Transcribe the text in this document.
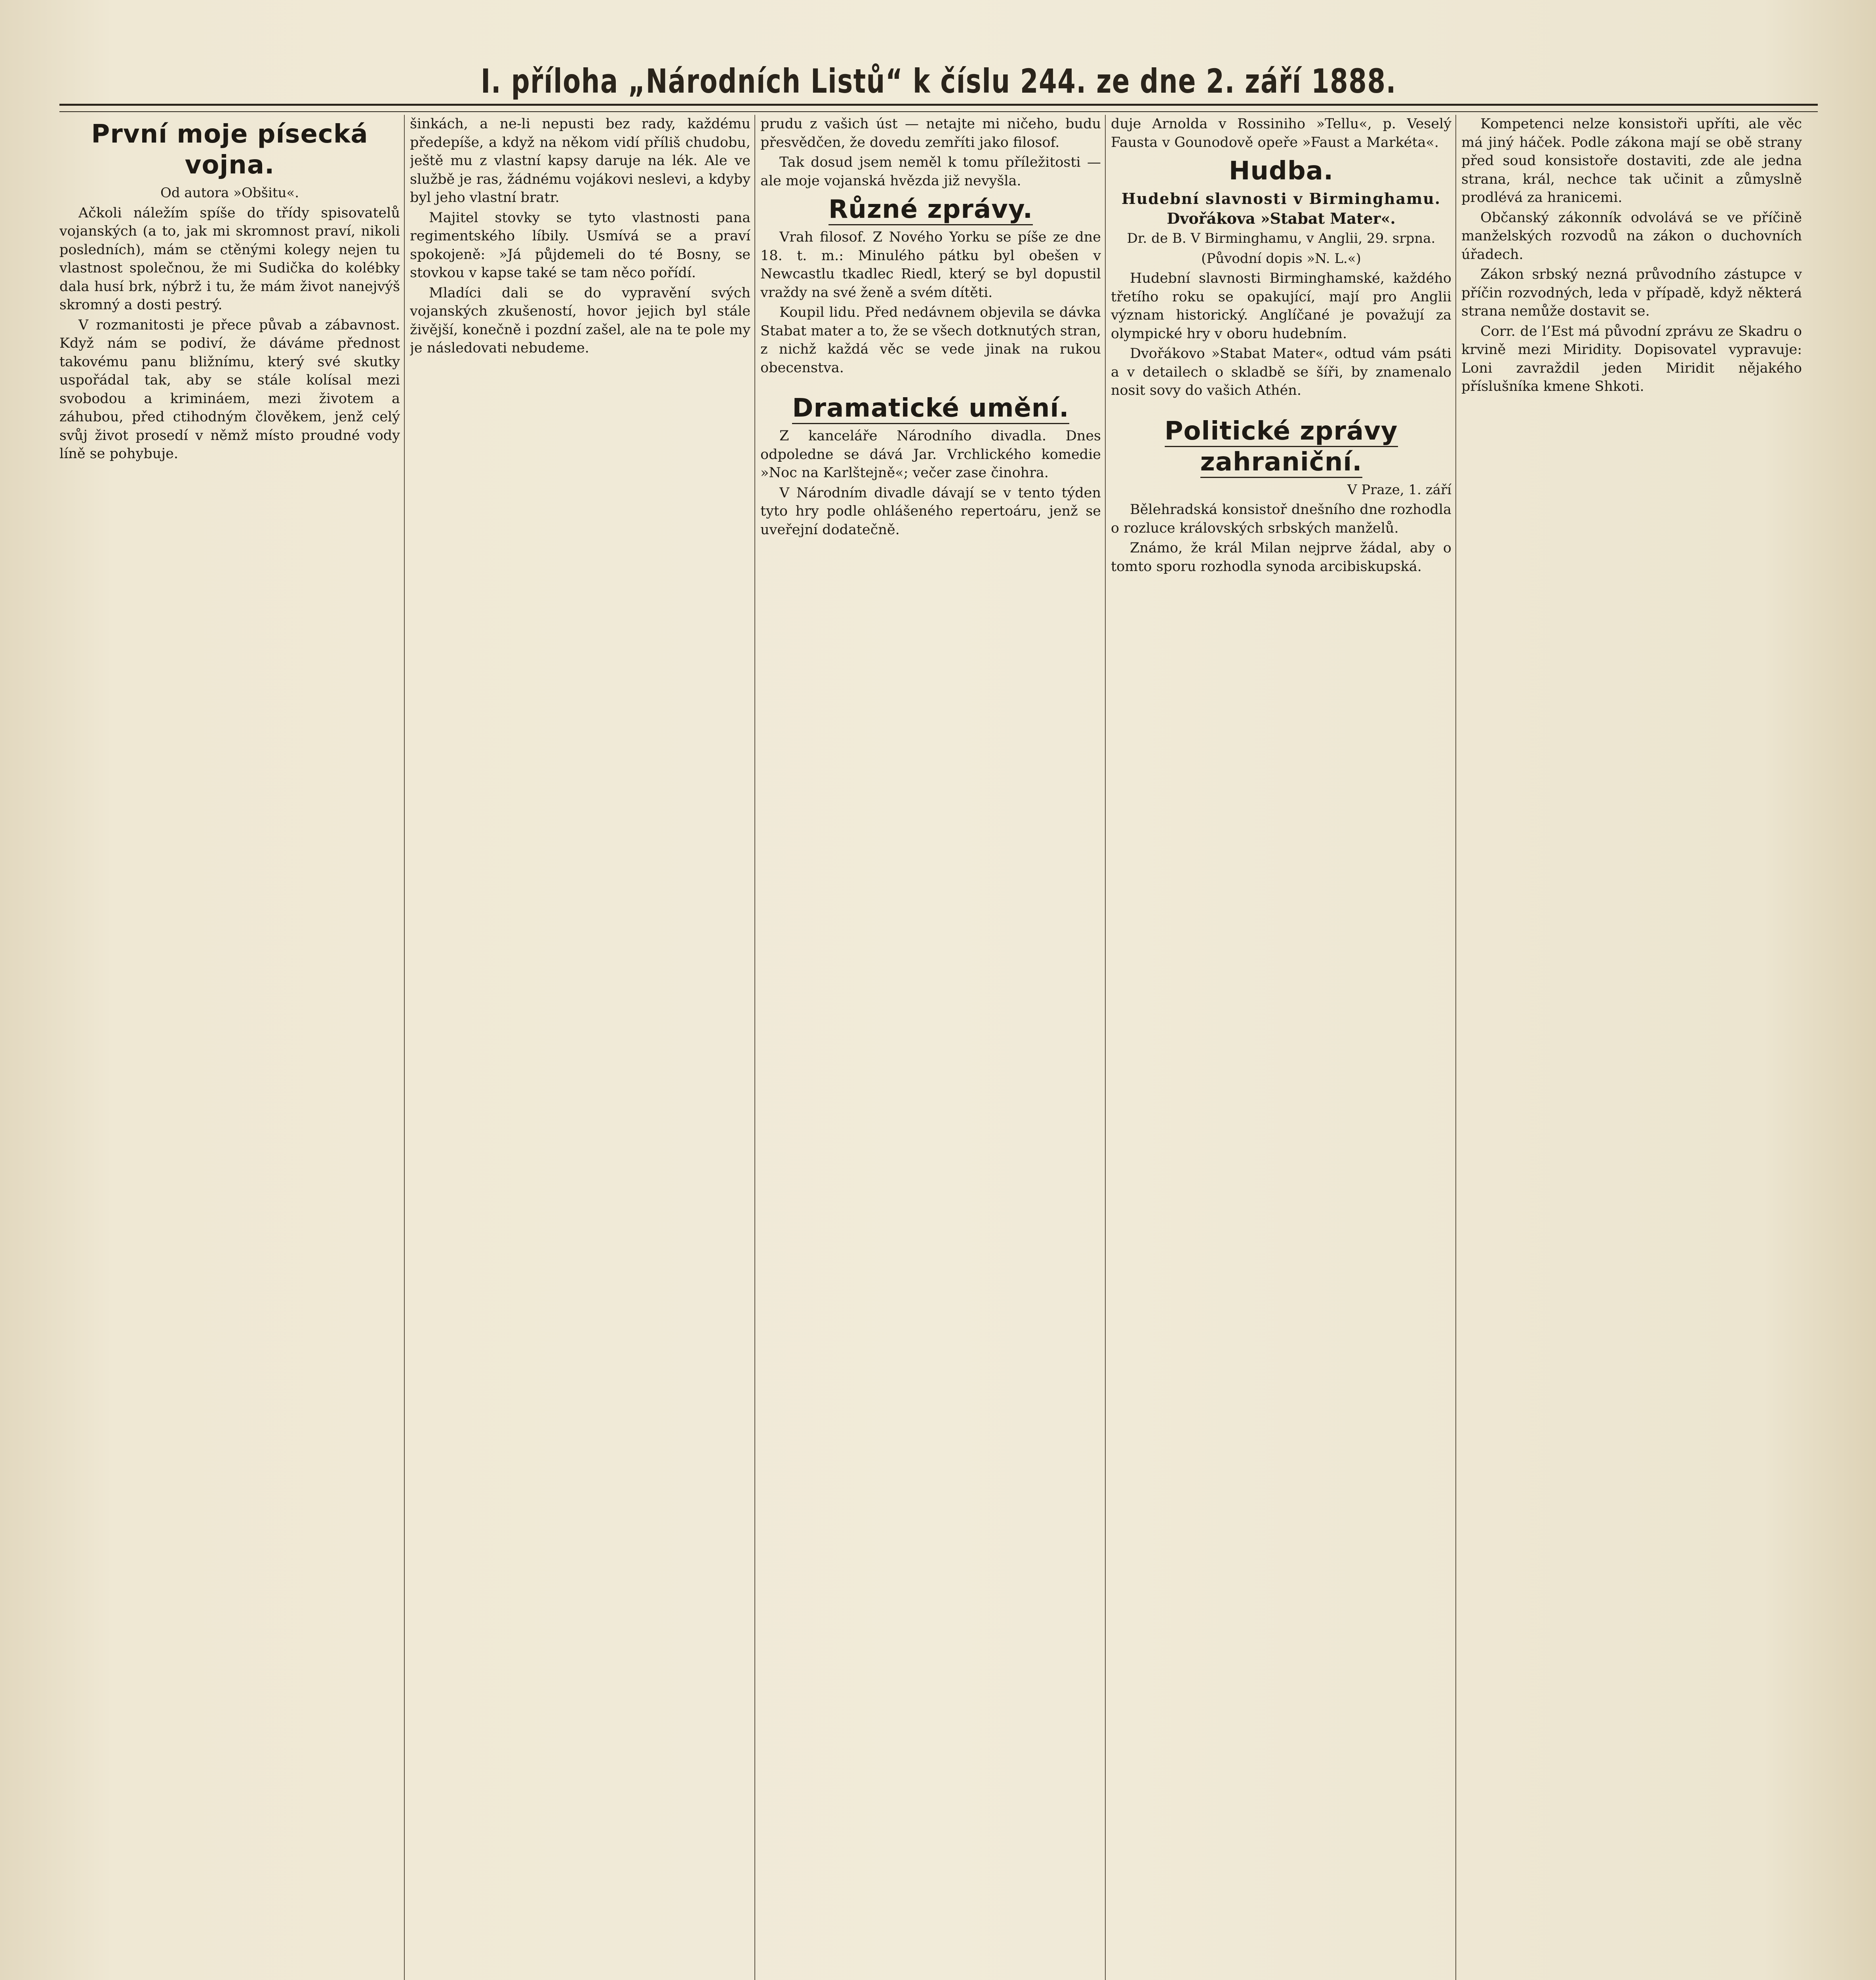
I. příloha „Národních Listů“ k číslu 244. ze dne 2. září 1888.
První moje písecká vojna.

Od autora »Obšitu«.

Ačkoli náležím spíše do třídy spisovatelů vojanských (a to, jak mi skromnost praví, nikoli posledních), mám se ctěnými kolegy nejen tu vlastnost společnou, že mi Sudička do kolébky dala husí brk, nýbrž i tu, že mám život nanejvýš skromný a dosti pestrý.

V rozmanitosti je přece půvab a zábavnost. Když nám se podiví, že dáváme přednost takovému panu bližnímu, který své skutky uspořádal tak, aby se stále kolísal mezi svobodou a krimináem, mezi životem a záhubou, před ctihodným člověkem, jenž celý svůj život prosedí v němž místo proudné vody líně se pohybuje.

šinkách, a ne-li nepusti bez rady, každému předepíše, a když na někom vidí příliš chudobu, ještě mu z vlastní kapsy daruje na lék. Ale ve službě je ras, žádnému vojákovi neslevi, a kdyby byl jeho vlastní bratr.

Majitel stovky se tyto vlastnosti pana regimentského líbily. Usmívá se a praví spokojeně: »Já půjdemeli do té Bosny, se stovkou v kapse také se tam něco pořídí.

Mladíci dali se do vypravění svých vojanských zkušeností, hovor jejich byl stále živější, konečně i pozdní zašel, ale na te pole my je následovati nebudeme.

prudu z vašich úst — netajte mi ničeho, budu přesvědčen, že dovedu zemříti jako filosof.

Tak dosud jsem neměl k tomu příležitosti — ale moje vojanská hvězda již nevyšla.

Různé zprávy.

Vrah filosof. Z Nového Yorku se píše ze dne 18. t. m.: Minulého pátku byl obešen v Newcastlu tkadlec Riedl, který se byl dopustil vraždy na své ženě a svém dítěti.

Koupil lidu. Před nedávnem objevila se dávka Stabat mater a to, že se všech dotknutých stran, z nichž každá věc se vede jinak na rukou obecenstva.

Dramatické umění.

Z kanceláře Národního divadla. Dnes odpoledne se dává Jar. Vrchlického komedie »Noc na Karlštejně«; večer zase činohra.

V Národním divadle dávají se v tento týden tyto hry podle ohlášeného repertoáru, jenž se uveřejní dodatečně.

duje Arnolda v Rossiniho »Tellu«, p. Veselý Fausta v Gounodově opeře »Faust a Markéta«.

Hudba.
Hudební slavnosti v Birminghamu.
Dvořákova »Stabat Mater«.

Dr. de B. V Birminghamu, v Anglii, 29. srpna.

(Původní dopis »N. L.«)

Hudební slavnosti Birminghamské, každého třetího roku se opakující, mají pro Anglii význam historický. Anglíčané je považují za olympické hry v oboru hudebním.

Dvořákovo »Stabat Mater«, odtud vám psáti a v detailech o skladbě se šíři, by znamenalo nosit sovy do vašich Athén.

Politické zprávy zahraniční.

V Praze, 1. září

Bělehradská konsistoř dnešního dne rozhodla o rozluce královských srbských manželů.

Známo, že král Milan nejprve žádal, aby o tomto sporu rozhodla synoda arcibiskupská.

Kompetenci nelze konsistoři upříti, ale věc má jiný háček. Podle zákona mají se obě strany před soud konsistoře dostaviti, zde ale jedna strana, král, nechce tak učinit a zůmyslně prodlévá za hranicemi.

Občanský zákonník odvolává se ve příčině manželských rozvodů na zákon o duchovních úřadech.

Zákon srbský nezná průvodního zástupce v příčin rozvodných, leda v případě, když některá strana nemůže dostavit se.

Corr. de l’Est má původní zprávu ze Skadru o krvině mezi Miridity. Dopisovatel vypravuje: Loni zavraždil jeden Miridit nějakého příslušníka kmene Shkoti.
